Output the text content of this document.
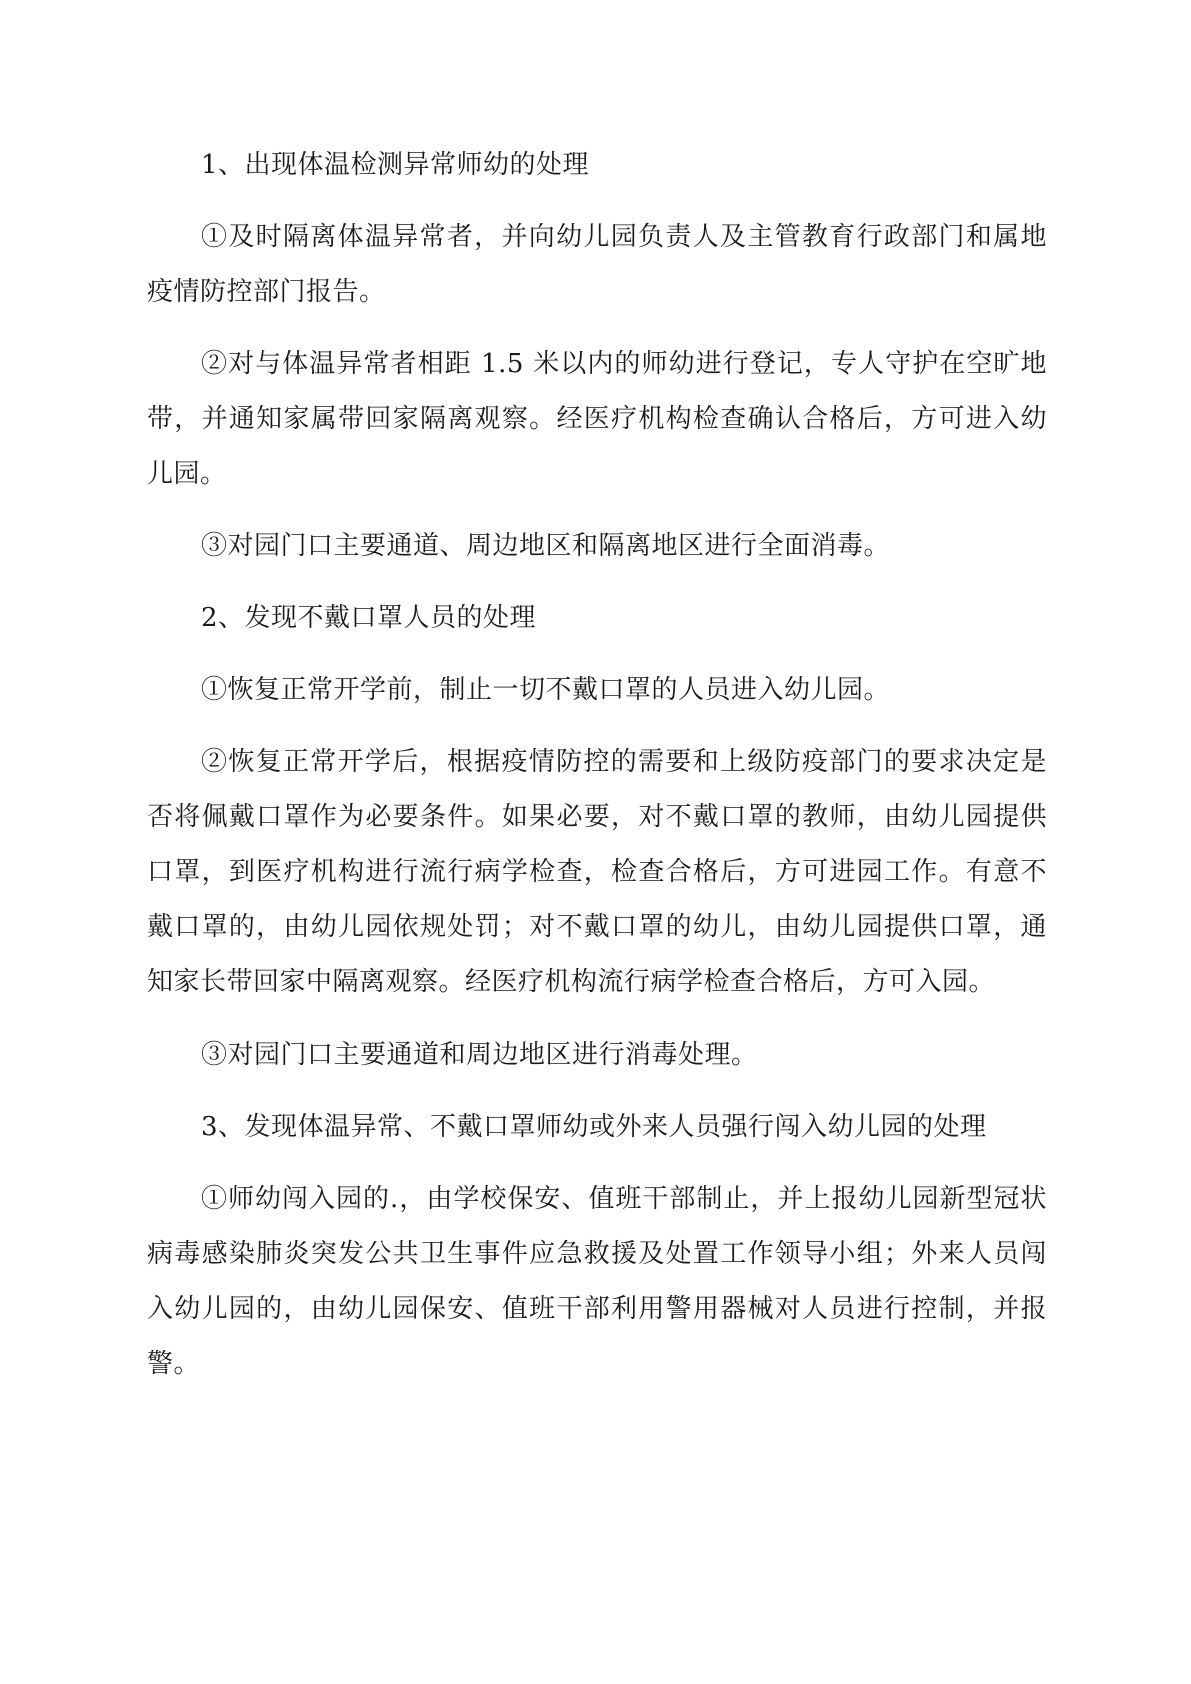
1、出现体温检测异常师幼的处理

①及时隔离体温异常者，并向幼儿园负责人及主管教育行政部门和属地疫情防控部门报告。

②对与体温异常者相距 1.5 米以内的师幼进行登记，专人守护在空旷地带，并通知家属带回家隔离观察。经医疗机构检查确认合格后，方可进入幼儿园。

③对园门口主要通道、周边地区和隔离地区进行全面消毒。

2、发现不戴口罩人员的处理

①恢复正常开学前，制止一切不戴口罩的人员进入幼儿园。

②恢复正常开学后，根据疫情防控的需要和上级防疫部门的要求决定是否将佩戴口罩作为必要条件。如果必要，对不戴口罩的教师，由幼儿园提供口罩，到医疗机构进行流行病学检查，检查合格后，方可进园工作。有意不戴口罩的，由幼儿园依规处罚；对不戴口罩的幼儿，由幼儿园提供口罩，通知家长带回家中隔离观察。经医疗机构流行病学检查合格后，方可入园。

③对园门口主要通道和周边地区进行消毒处理。

3、发现体温异常、不戴口罩师幼或外来人员强行闯入幼儿园的处理

①师幼闯入园的.，由学校保安、值班干部制止，并上报幼儿园新型冠状病毒感染肺炎突发公共卫生事件应急救援及处置工作领导小组；外来人员闯入幼儿园的，由幼儿园保安、值班干部利用警用器械对人员进行控制，并报警。
